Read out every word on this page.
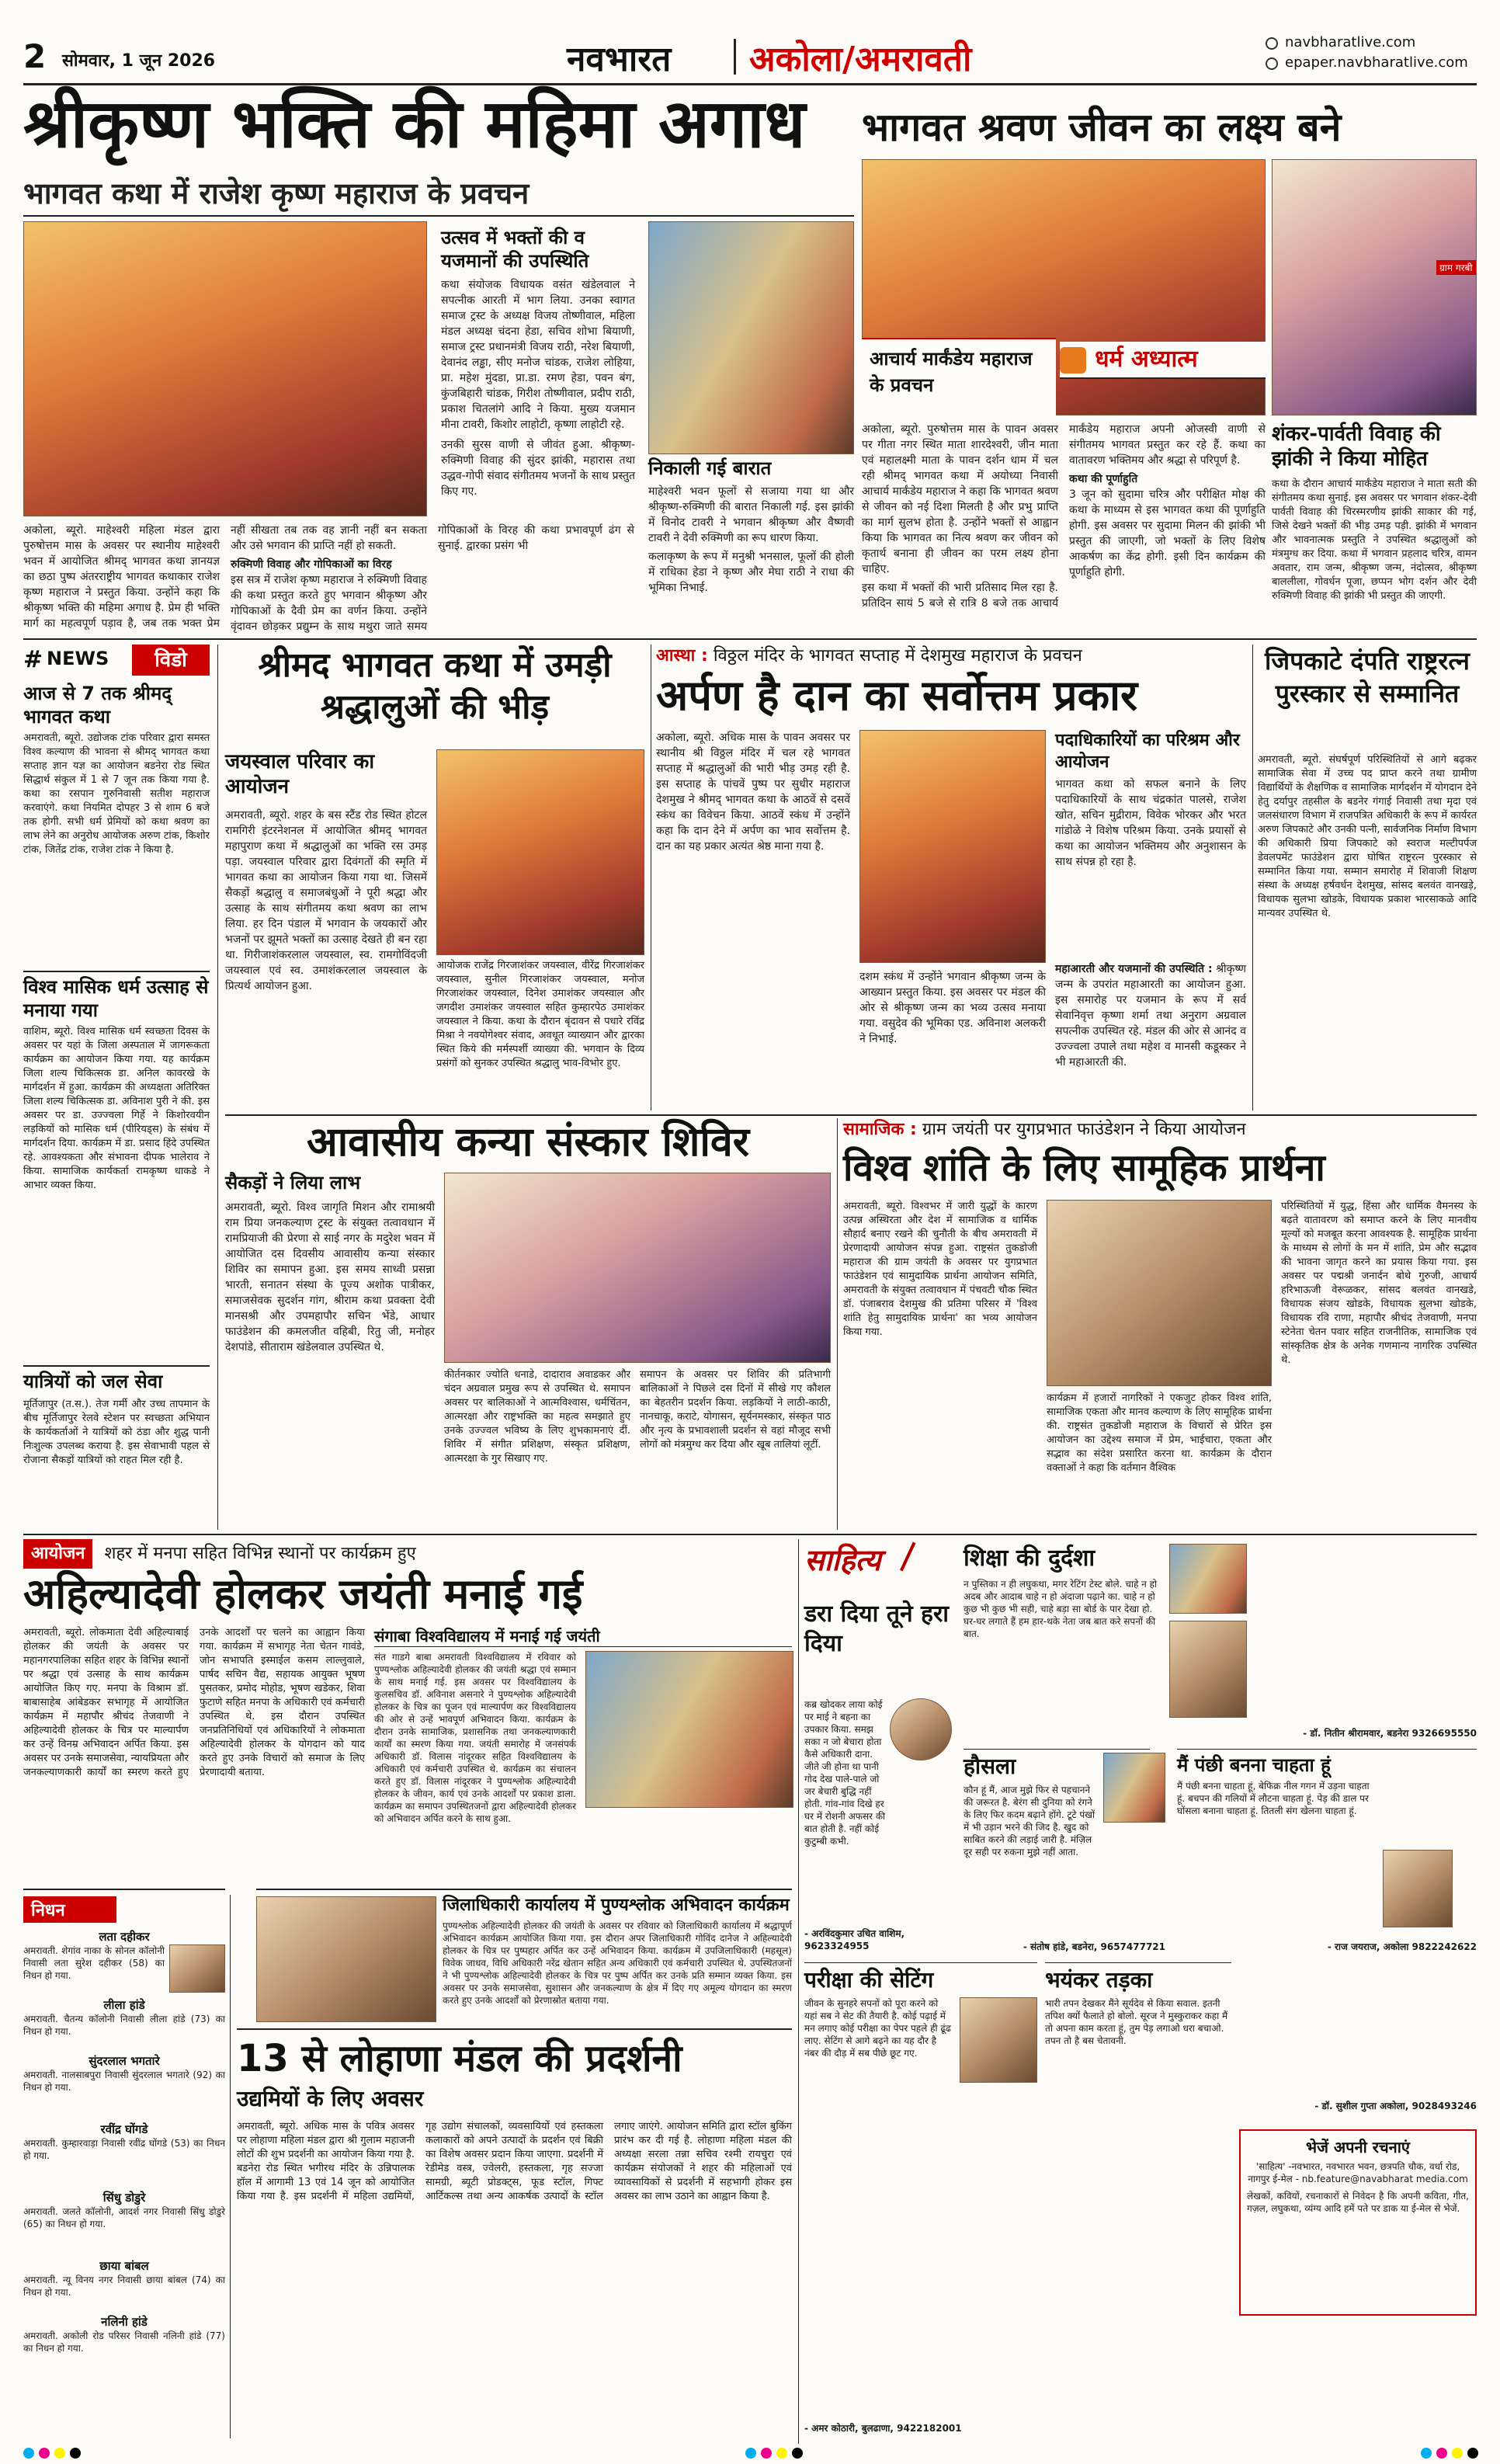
2 सोमवार, 1 जून 2026	नवभारत अकोला/अमरावती	navbharatlive.com
epaper.navbharatlive.com
श्रीकृष्ण भक्ति की महिमा अगाध
भागवत कथा में राजेश कृष्ण महाराज के प्रवचन
उत्सव में भक्तों की व यजमानों की उपस्थिति
कथा संयोजक विधायक वसंत खंडेलवाल ने सपत्नीक आरती में भाग लिया. उनका स्वागत समाज ट्रस्ट के अध्यक्ष विजय तोष्णीवाल, महिला मंडल अध्यक्ष चंदना हेडा, सचिव शोभा बियाणी, समाज ट्रस्ट प्रधानमंत्री विजय राठी, नरेश बियाणी, देवानंद लड्ढा, सीए मनोज चांडक, राजेश लोहिया, प्रा. महेश मुंदडा, प्रा.डा. रमण हेडा, पवन बंग, कुंजबिहारी चांडक, गिरीश तोष्णीवाल, प्रदीप राठी, प्रकाश चितलांगे आदि ने किया. मुख्य यजमान मीना टावरी, किशोर लाहोटी, कृष्णा लाहोटी रहे.
उनकी सुरस वाणी से जीवंत हुआ. श्रीकृष्ण-रुक्मिणी विवाह की सुंदर झांकी, महारास तथा उद्धव-गोपी संवाद संगीतमय भजनों के साथ प्रस्तुत किए गए.
निकाली गई बारात
माहेश्वरी भवन फूलों से सजाया गया था और श्रीकृष्ण-रुक्मिणी की बारात निकाली गई. इस झांकी में विनोद टावरी ने भगवान श्रीकृष्ण और वैष्णवी टावरी ने देवी रुक्मिणी का रूप धारण किया.
कलाकृष्ण के रूप में मनुश्री भनसाल, फूलों की होली में राधिका हेडा ने कृष्ण और मेघा राठी ने राधा की भूमिका निभाई.
अकोला, ब्यूरो. माहेश्वरी महिला मंडल द्वारा पुरुषोत्तम मास के अवसर पर स्थानीय माहेश्वरी भवन में आयोजित श्रीमद् भागवत कथा ज्ञानयज्ञ का छठा पुष्प अंतरराष्ट्रीय भागवत कथाकार राजेश कृष्ण महाराज ने प्रस्तुत किया. उन्होंने कहा कि श्रीकृष्ण भक्ति की महिमा अगाध है. प्रेम ही भक्ति मार्ग का महत्वपूर्ण पड़ाव है, जब तक भक्त प्रेम नहीं सीखता तब तक वह ज्ञानी नहीं बन सकता और उसे भगवान की प्राप्ति नहीं हो सकती.
रुक्मिणी विवाह और गोपिकाओं का विरह
इस सत्र में राजेश कृष्ण महाराज ने रुक्मिणी विवाह की कथा प्रस्तुत करते हुए भगवान श्रीकृष्ण और गोपिकाओं के दैवी प्रेम का वर्णन किया. उन्होंने वृंदावन छोड़कर प्रद्युम्न के साथ मथुरा जाते समय गोपिकाओं के विरह की कथा प्रभावपूर्ण ढंग से सुनाई. द्वारका प्रसंग भी
भागवत श्रवण जीवन का लक्ष्य बने
ग्राम गरबी
आचार्य मार्कंडेय महाराज के प्रवचन
धर्म अध्यात्म
शंकर-पार्वती विवाह की झांकी ने किया मोहित
कथा के दौरान आचार्य मार्कंडेय महाराज ने माता सती की संगीतमय कथा सुनाई. इस अवसर पर भगवान शंकर-देवी पार्वती विवाह की चिरस्मरणीय झांकी साकार की गई, जिसे देखने भक्तों की भीड़ उमड़ पड़ी. झांकी में भगवान और भावनात्मक प्रस्तुति ने उपस्थित श्रद्धालुओं को मंत्रमुग्ध कर दिया. कथा में भगवान प्रहलाद चरित्र, वामन अवतार, राम जन्म, श्रीकृष्ण जन्म, नंदोत्सव, श्रीकृष्ण बाललीला, गोवर्धन पूजा, छप्पन भोग दर्शन और देवी रुक्मिणी विवाह की झांकी भी प्रस्तुत की जाएगी.
अकोला, ब्यूरो. पुरुषोत्तम मास के पावन अवसर पर गीता नगर स्थित माता शारदेश्वरी, जीन माता एवं महालक्ष्मी माता के पावन दर्शन धाम में चल रही श्रीमद् भागवत कथा में अयोध्या निवासी आचार्य मार्कंडेय महाराज ने कहा कि भागवत श्रवण से जीवन को नई दिशा मिलती है और प्रभु प्राप्ति का मार्ग सुलभ होता है. उन्होंने भक्तों से आह्वान किया कि भागवत का नित्य श्रवण कर जीवन को कृतार्थ बनाना ही जीवन का परम लक्ष्य होना चाहिए.
इस कथा में भक्तों की भारी प्रतिसाद मिल रहा है. प्रतिदिन सायं 5 बजे से रात्रि 8 बजे तक आचार्य मार्कंडेय महाराज अपनी ओजस्वी वाणी से संगीतमय भागवत प्रस्तुत कर रहे हैं. कथा का वातावरण भक्तिमय और श्रद्धा से परिपूर्ण है.
कथा की पूर्णाहुति
3 जून को सुदामा चरित्र और परीक्षित मोक्ष की कथा के माध्यम से इस भागवत कथा की पूर्णाहुति होगी. इस अवसर पर सुदामा मिलन की झांकी भी प्रस्तुत की जाएगी, जो भक्तों के लिए विशेष आकर्षण का केंद्र होगी. इसी दिन कार्यक्रम की पूर्णाहुति होगी.
# NEWS	विडो
आज से 7 तक श्रीमद् भागवत कथा
अमरावती, ब्यूरो. उद्योजक टांक परिवार द्वारा समस्त विश्व कल्याण की भावना से श्रीमद् भागवत कथा सप्ताह ज्ञान यज्ञ का आयोजन बडनेरा रोड स्थित सिद्धार्थ संकुल में 1 से 7 जून तक किया गया है. कथा का रसपान गुरुनिवासी सतीश महाराज करवाएंगे. कथा नियमित दोपहर 3 से शाम 6 बजे तक होगी. सभी धर्म प्रेमियों को कथा श्रवण का लाभ लेने का अनुरोध आयोजक अरुण टांक, किशोर टांक, जितेंद्र टांक, राजेश टांक ने किया है.
विश्व मासिक धर्म उत्साह से मनाया गया
वाशिम, ब्यूरो. विश्व मासिक धर्म स्वच्छता दिवस के अवसर पर यहां के जिला अस्पताल में जागरूकता कार्यक्रम का आयोजन किया गया. यह कार्यक्रम जिला शल्य चिकित्सक डा. अनिल कावरखे के मार्गदर्शन में हुआ. कार्यक्रम की अध्यक्षता अतिरिक्त जिला शल्य चिकित्सक डा. अविनाश पुरी ने की. इस अवसर पर डा. उज्ज्वला गिर्हे ने किशोरवयीन लड़कियों को मासिक धर्म (पीरियड्स) के संबंध में मार्गदर्शन दिया. कार्यक्रम में डा. प्रसाद हिंदे उपस्थित रहे. आवश्यकता और संभावना दीपक भालेराव ने किया. सामाजिक कार्यकर्ता रामकृष्ण धाकडे ने आभार व्यक्त किया.
यात्रियों को जल सेवा
मूर्तिजापुर (त.स.). तेज गर्मी और उच्च तापमान के बीच मूर्तिजापुर रेलवे स्टेशन पर स्वच्छता अभियान के कार्यकर्ताओं ने यात्रियों को ठंडा और शुद्ध पानी निःशुल्क उपलब्ध कराया है. इस सेवाभावी पहल से रोजाना सैकड़ों यात्रियों को राहत मिल रही है.
श्रीमद भागवत कथा में उमड़ी श्रद्धालुओं की भीड़
जयस्वाल परिवार का आयोजन
अमरावती, ब्यूरो. शहर के बस स्टैंड रोड स्थित होटल रामगिरी इंटरनेशनल में आयोजित श्रीमद् भागवत महापुराण कथा में श्रद्धालुओं का भक्ति रस उमड़ पड़ा. जयस्वाल परिवार द्वारा दिवंगतों की स्मृति में भागवत कथा का आयोजन किया गया था. जिसमें सैकड़ों श्रद्धालु व समाजबंधुओं ने पूरी श्रद्धा और उत्साह के साथ संगीतमय कथा श्रवण का लाभ लिया. हर दिन पंडाल में भगवान के जयकारों और भजनों पर झूमते भक्तों का उत्साह देखते ही बन रहा था. गिरीजाशंकरलाल जयस्वाल, स्व. रामगोविंदजी जयस्वाल एवं स्व. उमाशंकरलाल जयस्वाल के प्रित्यर्थ आयोजन हुआ.
आयोजक राजेंद्र गिरजाशंकर जयस्वाल, वीरेंद्र गिरजाशंकर जयस्वाल, सुनील गिरजाशंकर जयस्वाल, मनोज गिरजाशंकर जयस्वाल, दिनेश उमाशंकर जयस्वाल और जगदीश उमाशंकर जयस्वाल सहित कुम्हारपेठ उमाशंकर जयस्वाल ने किया. कथा के दौरान बृंदावन से पधारे रविंद्र मिश्रा ने नवयोगेश्वर संवाद, अवधूत व्याख्यान और द्वारका स्थित किये की मर्मस्पर्शी व्याख्या की. भगवान के दिव्य प्रसंगों को सुनकर उपस्थित श्रद्धालु भाव-विभोर हुए.
आस्था : विठ्ठल मंदिर के भागवत सप्ताह में देशमुख महाराज के प्रवचन
अर्पण है दान का सर्वोत्तम प्रकार
अकोला, ब्यूरो. अधिक मास के पावन अवसर पर स्थानीय श्री विठ्ठल मंदिर में चल रहे भागवत सप्ताह में श्रद्धालुओं की भारी भीड़ उमड़ रही है. इस सप्ताह के पांचवें पुष्प पर सुधीर महाराज देशमुख ने श्रीमद् भागवत कथा के आठवें से दसवें स्कंध का विवेचन किया. आठवें स्कंध में उन्होंने कहा कि दान देने में अर्पण का भाव सर्वोत्तम है. दान का यह प्रकार अत्यंत श्रेष्ठ माना गया है.
दशम स्कंध में उन्होंने भगवान श्रीकृष्ण जन्म के आख्यान प्रस्तुत किया. इस अवसर पर मंडल की ओर से श्रीकृष्ण जन्म का भव्य उत्सव मनाया गया. वसुदेव की भूमिका एड. अविनाश अलकरी ने निभाई.
पदाधिकारियों का परिश्रम और आयोजन
भागवत कथा को सफल बनाने के लिए पदाधिकारियों के साथ चंद्रकांत पालसे, राजेश खोत, सचिन मुद्रीराम, विवेक भोरकर और भरत गांडोळे ने विशेष परिश्रम किया. उनके प्रयासों से कथा का आयोजन भक्तिमय और अनुशासन के साथ संपन्न हो रहा है.
महाआरती और यजमानों की उपस्थिति : श्रीकृष्ण जन्म के उपरांत महाआरती का आयोजन हुआ. इस समारोह पर यजमान के रूप में सर्व सेवानिवृत्त कृष्णा शर्मा तथा अनुराग अग्रवाल सपत्नीक उपस्थित रहे. मंडल की ओर से आनंद व उज्ज्वला उपाले तथा महेश व मानसी कडूस्कर ने भी महाआरती की.
जिपकाटे दंपति राष्ट्ररत्न पुरस्कार से सम्मानित
अमरावती, ब्यूरो. संघर्षपूर्ण परिस्थितियों से आगे बढ़कर सामाजिक सेवा में उच्च पद प्राप्त करने तथा ग्रामीण विद्यार्थियों के शैक्षणिक व सामाजिक मार्गदर्शन में योगदान देने हेतु दर्यापुर तहसील के बडनेर गंगाई निवासी तथा मृदा एवं जलसंधारण विभाग में राजपत्रित अधिकारी के रूप में कार्यरत अरुण जिपकाटे और उनकी पत्नी, सार्वजनिक निर्माण विभाग की अधिकारी प्रिया जिपकाटे को स्वराज मल्टीपर्पज डेवलपमेंट फाउंडेशन द्वारा घोषित राष्ट्ररत्न पुरस्कार से सम्मानित किया गया. सम्मान समारोह में शिवाजी शिक्षण संस्था के अध्यक्ष हर्षवर्धन देशमुख, सांसद बलवंत वानखड़े, विधायक सुलभा खोडके, विधायक प्रकाश भारसाकळे आदि मान्यवर उपस्थित थे.
आवासीय कन्या संस्कार शिविर
सैकड़ों ने लिया लाभ
अमरावती, ब्यूरो. विश्व जागृति मिशन और रामाश्रयी राम प्रिया जनकल्याण ट्रस्ट के संयुक्त तत्वावधान में रामप्रियाजी की प्रेरणा से साई नगर के मदुरेश भवन में आयोजित दस दिवसीय आवासीय कन्या संस्कार शिविर का समापन हुआ. इस समय साध्वी प्रसन्ना भारती, सनातन संस्था के पूज्य अशोक पात्रीकर, समाजसेवक सुदर्शन गांग, श्रीराम कथा प्रवक्ता देवी मानसश्री और उपमहापौर सचिन भेंडे, आधार फाउंडेशन की कमलजीत वहिबी, रितु जी, मनोहर देशपांडे, सीताराम खंडेलवाल उपस्थित थे.
कीर्तनकार ज्योति धनाडे, दादाराव अवाडकर और चंदन अग्रवाल प्रमुख रूप से उपस्थित थे. समापन अवसर पर बालिकाओं ने आत्मविश्वास, धर्मचिंतन, आत्मरक्षा और राष्ट्रभक्ति का महत्व समझाते हुए उनके उज्ज्वल भविष्य के लिए शुभकामनाएं दीं. शिविर में संगीत प्रशिक्षण, संस्कृत प्रशिक्षण, आत्मरक्षा के गुर सिखाए गए.
समापन के अवसर पर शिविर की प्रतिभागी बालिकाओं ने पिछले दस दिनों में सीखे गए कौशल का बेहतरीन प्रदर्शन किया. लड़कियों ने लाठी-काठी, नानचाकू, कराटे, योगासन, सूर्यनमस्कार, संस्कृत पाठ और नृत्य के प्रभावशाली प्रदर्शन से वहां मौजूद सभी लोगों को मंत्रमुग्ध कर दिया और खूब तालियां लूटीं.
सामाजिक : ग्राम जयंती पर युगप्रभात फाउंडेशन ने किया आयोजन
विश्व शांति के लिए सामूहिक प्रार्थना
अमरावती, ब्यूरो. विश्वभर में जारी युद्धों के कारण उत्पन्न अस्थिरता और देश में सामाजिक व धार्मिक सौहार्द बनाए रखने की चुनौती के बीच अमरावती में प्रेरणादायी आयोजन संपन्न हुआ. राष्ट्रसंत तुकडोजी महाराज की ग्राम जयंती के अवसर पर युगप्रभात फाउंडेशन एवं सामुदायिक प्रार्थना आयोजन समिति, अमरावती के संयुक्त तत्वावधान में पंचवटी चौक स्थित डॉ. पंजाबराव देशमुख की प्रतिमा परिसर में 'विश्व शांति हेतु सामुदायिक प्रार्थना' का भव्य आयोजन किया गया.
कार्यक्रम में हजारों नागरिकों ने एकजुट होकर विश्व शांति, सामाजिक एकता और मानव कल्याण के लिए सामूहिक प्रार्थना की. राष्ट्रसंत तुकडोजी महाराज के विचारों से प्रेरित इस आयोजन का उद्देश्य समाज में प्रेम, भाईचारा, एकता और सद्भाव का संदेश प्रसारित करना था. कार्यक्रम के दौरान वक्ताओं ने कहा कि वर्तमान वैश्विक
परिस्थितियों में युद्ध, हिंसा और धार्मिक वैमनस्य के बढ़ते वातावरण को समाप्त करने के लिए मानवीय मूल्यों को मजबूत करना आवश्यक है. सामूहिक प्रार्थना के माध्यम से लोगों के मन में शांति, प्रेम और सद्भाव की भावना जागृत करने का प्रयास किया गया. इस अवसर पर पद्मश्री जनार्दन बोथे गुरुजी, आचार्य हरिभाऊजी वेरूळकर, सांसद बलवंत वानखडे, विधायक संजय खोडके, विधायक सुलभा खोडके, विधायक रवि राणा, महापौर श्रीचंद तेजवाणी, मनपा स्टेनेता चेतन पवार सहित राजनीतिक, सामाजिक एवं सांस्कृतिक क्षेत्र के अनेक गणमान्य नागरिक उपस्थित थे.
आयोजन शहर में मनपा सहित विभिन्न स्थानों पर कार्यक्रम हुए
अहिल्यादेवी होलकर जयंती मनाई गई
अमरावती, ब्यूरो. लोकमाता देवी अहिल्याबाई होलकर की जयंती के अवसर पर महानगरपालिका सहित शहर के विभिन्न स्थानों पर श्रद्धा एवं उत्साह के साथ कार्यक्रम आयोजित किए गए. मनपा के विश्राम डॉ. बाबासाहेब आंबेडकर सभागृह में आयोजित कार्यक्रम में महापौर श्रीचंद तेजवाणी ने अहिल्यादेवी होलकर के चित्र पर माल्यार्पण कर उन्हें विनम्र अभिवादन अर्पित किया. इस अवसर पर उनके समाजसेवा, न्यायप्रियता और जनकल्याणकारी कार्यों का स्मरण करते हुए उनके आदर्शों पर चलने का आह्वान किया गया. कार्यक्रम में सभागृह नेता चेतन गावंडे, जोन सभापति इस्माईल कसम लाल्लुवाले, पार्षद सचिन वैद्य, सहायक आयुक्त भूषण पुसतकर, प्रमोद मोहोड, भूषण खडेकर, शिवा फुटाणे सहित मनपा के अधिकारी एवं कर्मचारी उपस्थित थे. इस दौरान उपस्थित जनप्रतिनिधियों एवं अधिकारियों ने लोकमाता अहिल्यादेवी होलकर के योगदान को याद करते हुए उनके विचारों को समाज के लिए प्रेरणादायी बताया.
संगाबा विश्वविद्यालय में मनाई गई जयंती
संत गाडगे बाबा अमरावती विश्वविद्यालय में रविवार को पुण्यश्लोक अहिल्यादेवी होलकर की जयंती श्रद्धा एवं सम्मान के साथ मनाई गई. इस अवसर पर विश्वविद्यालय के कुलसचिव डॉ. अविनाश असनारे ने पुण्यश्लोक अहिल्यादेवी होलकर के चित्र का पूजन एवं माल्यार्पण कर विश्वविद्यालय की ओर से उन्हें भावपूर्ण अभिवादन किया. कार्यक्रम के दौरान उनके सामाजिक, प्रशासनिक तथा जनकल्याणकारी कार्यों का स्मरण किया गया. जयंती समारोह में जनसंपर्क अधिकारी डॉ. विलास नांदूरकर सहित विश्वविद्यालय के अधिकारी एवं कर्मचारी उपस्थित थे. कार्यक्रम का संचालन करते हुए डॉ. विलास नांदूरकर ने पुण्यश्लोक अहिल्यादेवी होलकर के जीवन, कार्य एवं उनके आदर्शों पर प्रकाश डाला. कार्यक्रम का समापन उपस्थितजनों द्वारा अहिल्यादेवी होलकर को अभिवादन अर्पित करने के साथ हुआ.
जिलाधिकारी कार्यालय में पुण्यश्लोक अभिवादन कार्यक्रम
पुण्यश्लोक अहिल्यादेवी होलकर की जयंती के अवसर पर रविवार को जिलाधिकारी कार्यालय में श्रद्धापूर्ण अभिवादन कार्यक्रम आयोजित किया गया. इस दौरान अपर जिलाधिकारी गोविंद दानेज ने अहिल्यादेवी होलकर के चित्र पर पुष्पहार अर्पित कर उन्हें अभिवादन किया. कार्यक्रम में उपजिलाधिकारी (महसूल) विवेक जाधव, विधि अधिकारी नरेंद्र खेतान सहित अन्य अधिकारी एवं कर्मचारी उपस्थित थे. उपस्थितजनों ने भी पुण्यश्लोक अहिल्यादेवी होलकर के चित्र पर पुष्प अर्पित कर उनके प्रति सम्मान व्यक्त किया. इस अवसर पर उनके समाजसेवा, सुशासन और जनकल्याण के क्षेत्र में दिए गए अमूल्य योगदान का स्मरण करते हुए उनके आदर्शों को प्रेरणास्रोत बताया गया.
निधन
लता दहीकर
अमरावती. शेगांव नाका के सोनल कॉलोनी निवासी लता सुरेश दहीकर (58) का निधन हो गया.
लीला हांडे
अमरावती. चैतन्य कॉलोनी निवासी लीला हांडे (73) का निधन हो गया.
सुंदरलाल भगतारे
अमरावती. नालसाबपुरा निवासी सुंदरलाल भगतारे (92) का निधन हो गया.
रवींद्र घोंगडे
अमरावती. कुम्हारवाड़ा निवासी रवींद्र घोंगडे (53) का निधन हो गया.
सिंधु डोडुरे
अमरावती. जलते कॉलोनी, आदर्श नगर निवासी सिंधु डोडुरे (65) का निधन हो गया.
छाया बांबल
अमरावती. न्यू विनय नगर निवासी छाया बांबल (74) का निधन हो गया.
नलिनी हांडे
अमरावती. अकोली रोड परिसर निवासी नलिनी हांडे (77) का निधन हो गया.
13 से लोहाणा मंडल की प्रदर्शनी
उद्यमियों के लिए अवसर
अमरावती, ब्यूरो. अधिक मास के पवित्र अवसर पर लोहाणा महिला मंडल द्वारा श्री गुलाम महाजनी लोटों की शुभ प्रदर्शनी का आयोजन किया गया है. बडनेरा रोड स्थित भगीरथ मंदिर के उन्निपालक हॉल में आगामी 13 एवं 14 जून को आयोजित किया गया है. इस प्रदर्शनी में महिला उद्यमियों, गृह उद्योग संचालकों, व्यवसायियों एवं हस्तकला कलाकारों को अपने उत्पादों के प्रदर्शन एवं बिक्री का विशेष अवसर प्रदान किया जाएगा. प्रदर्शनी में रेडीमेड वस्त्र, ज्वेलरी, हस्तकला, गृह सज्जा सामग्री, ब्यूटी प्रोडक्ट्स, फूड स्टॉल, गिफ्ट आर्टिकल्स तथा अन्य आकर्षक उत्पादों के स्टॉल लगाए जाएंगे. आयोजन समिति द्वारा स्टॉल बुकिंग प्रारंभ कर दी गई है. लोहाणा महिला मंडल की अध्यक्षा सरला तन्ना सचिव रश्मी रायचुरा एवं कार्यक्रम संयोजकों ने शहर की महिलाओं एवं व्यावसायिकों से प्रदर्शनी में सहभागी होकर इस अवसर का लाभ उठाने का आह्वान किया है.
साहित्य
डरा दिया तूने हरा दिया
कब्र खोदकर लाया कोई पर माई ने बहना का उपकार किया. समझ सका न जो बेचारा होता कैसे अधिकारी दाना. जीते जी होना था पानी गोद देख पाले-पाले जो जर बेचारी बुद्धि नहीं होती. गांव-गांव दिखे हर घर में रोशनी अफसर की बात होती है. नहीं कोई कुटुम्बी कभी.
- अरविंदकुमार उचित वाशिम, 9623324955
शिक्षा की दुर्दशा
न पुस्तिका न ही लघुकथा, मगर रेटिंग टेस्ट बोले. चाहे न हो अदब और आदाब चाहे न हो अंदाजा पढ़ाने का. चाहे न हो कुछ भी कुछ भी सही, चाहे बड़ा सा बोर्ड के पार देखा हो. घर-घर लगाते हैं हम हार-थके नेता जब बात करे सपनों की बात.
- डॉ. नितीन श्रीरामवार, बडनेरा 9326695550
हौसला
कौन हूं मैं, आज मुझे फिर से पहचानने की जरूरत है. बेरंग सी दुनिया को रंगने के लिए फिर कदम बढ़ाने होंगे. टूटे पंखों में भी उड़ान भरने की जिद है. खुद को साबित करने की लड़ाई जारी है. मंज़िल दूर सही पर रुकना मुझे नहीं आता.
- संतोष हांडे, बडनेरा, 9657477721
मैं पंछी बनना चाहता हूं
मैं पंछी बनना चाहता हूं, बेफिक्र नील गगन में उड़ना चाहता हूं. बचपन की गलियों में लौटना चाहता हूं. पेड़ की डाल पर घोंसला बनाना चाहता हूं. तितली संग खेलना चाहता हूं.
- राज जयराज, अकोला 9822242622
परीक्षा की सेटिंग
जीवन के सुनहरे सपनों को पूरा करने को यहां सब ने सेट की तैयारी है. कोई पढ़ाई में मन लगाए कोई परीक्षा का पेपर पहले ही ढूंढ लाए. सेटिंग से आगे बढ़ने का यह दौर है नंबर की दौड़ में सब पीछे छूट गए.
- अमर कोठारी, बुलढाणा, 9422182001
भयंकर तड़का
भारी तपन देखकर मैंने सूर्यदेव से किया सवाल. इतनी तपिश क्यों फैलाते हो बोलो. सूरज ने मुस्कुराकर कहा मैं तो अपना काम करता हूं, तुम पेड़ लगाओ धरा बचाओ. तपन तो है बस चेतावनी.
- डॉ. सुशील गुप्ता अकोला, 9028493246
भेजें अपनी रचनाएं
'साहित्य' -नवभारत, नवभारत भवन, छत्रपति चौक, वर्धा रोड, नागपुर ई-मेल - nb.feature@navabharat media.com
लेखकों, कवियों, रचनाकारों से निवेदन है कि अपनी कविता, गीत, गज़ल, लघुकथा, व्यंग्य आदि हमें पते पर डाक या ई-मेल से भेजें.
